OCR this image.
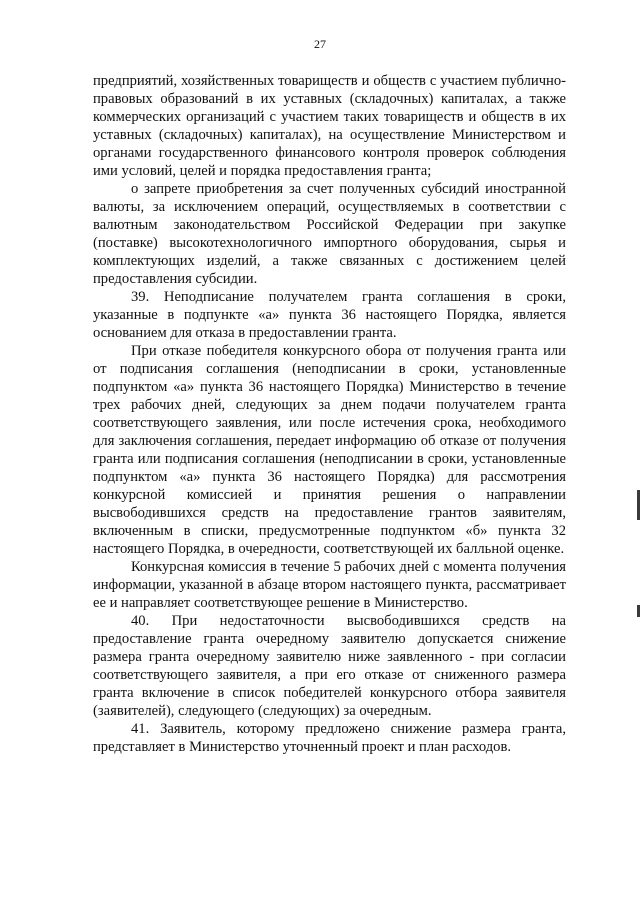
27

предприятий, хозяйственных товариществ и обществ с участием публично-правовых образований в их уставных (складочных) капиталах, а также коммерческих организаций с участием таких товариществ и обществ в их уставных (складочных) капиталах), на осуществление Министерством и органами государственного финансового контроля проверок соблюдения ими условий, целей и порядка предоставления гранта;

о запрете приобретения за счет полученных субсидий иностранной валюты, за исключением операций, осуществляемых в соответствии с валютным законодательством Российской Федерации при закупке (поставке) высокотехнологичного импортного оборудования, сырья и комплектующих изделий, а также связанных с достижением целей предоставления субсидии.

39. Неподписание получателем гранта соглашения в сроки, указанные в подпункте «а» пункта 36 настоящего Порядка, является основанием для отказа в предоставлении гранта.

При отказе победителя конкурсного обора от получения гранта или от подписания соглашения (неподписании в сроки, установленные подпунктом «а» пункта 36 настоящего Порядка) Министерство в течение трех рабочих дней, следующих за днем подачи получателем гранта соответствующего заявления, или после истечения срока, необходимого для заключения соглашения, передает информацию об отказе от получения гранта или подписания соглашения (неподписании в сроки, установленные подпунктом «а» пункта 36 настоящего Порядка) для рассмотрения конкурсной комиссией и принятия решения о направлении высвободившихся средств на предоставление грантов заявителям, включенным в списки, предусмотренные подпунктом «б» пункта 32 настоящего Порядка, в очередности, соответствующей их балльной оценке.

Конкурсная комиссия в течение 5 рабочих дней с момента получения информации, указанной в абзаце втором настоящего пункта, рассматривает ее и направляет соответствующее решение в Министерство.

40. При недостаточности высвободившихся средств на предоставление гранта очередному заявителю допускается снижение размера гранта очередному заявителю ниже заявленного - при согласии соответствующего заявителя, а при его отказе от сниженного размера гранта включение в список победителей конкурсного отбора заявителя (заявителей), следующего (следующих) за очередным.

41. Заявитель, которому предложено снижение размера гранта, представляет в Министерство уточненный проект и план расходов.
